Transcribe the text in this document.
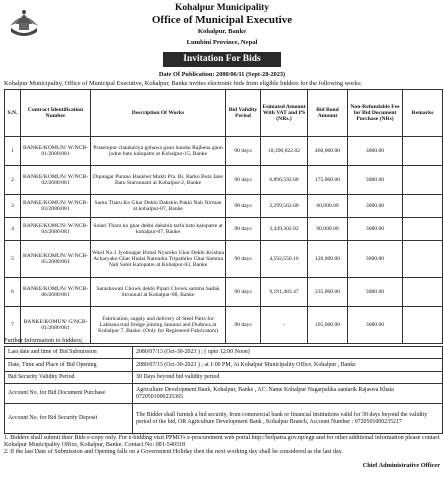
Kohalpur Municipality
Office of Municipal Executive
Kohalpur, Banke
Lumbini Province, Nepal
Invitation For Bids
Date Of Publication: 2080/06/11 (Sept-28-2023)
Kohalpur Municipality, Office of Municipal Executive, Kohalpur, Banke invites electronic bids from eligible bidders for the following works:
S.N.	Contract Identification Number	Description Of Works	Bid Validity Period	Esimated Amount With VAT and PS (NRs.)	Bid Bond Amount	Non-Refundable Fee for Bid Document Purchase (NRs)	Remarks
1	BANKE/KOMUN/ W/NCB-01/2080/081	Prasenipur chaukariya gohawa gaun hundai Rajhena gaun jodne bato kalopatre at Kohalpur-15, Banke	90 days	18,390,822.02	460,000.00	3000.00	
2	BANKE/KOMUN/ W/NCB-02/2080/081	Dipnagar Purano Bankhet Mukti Pra. Bi. Barko Buta Jane Bato Staronnatti at Kohalpur-2, Banke	90 days	6,896,592.68	175,000.00	3000.00	
3	BANKE/KOMUN/ W/NCB-03/2080/081	Samu Tharu Ko Ghar Dekhi Dakshin Pakki Nali Nirman at kohalpur-07, Banke	90 days	2,299,562.68	60,000.00	3000.00	
4	BANKE/KOMUN/ W/NCB-04/2080/081	Solari Tharu ko ghar dekhi dakshin tarfa bato kalopatre at kohalpur-07, Banke	90 days	3,449,302.82	90,000.00	3000.00	
5	BANKE/KOMUN/ W/NCB-05/2080/081	Ward No.3 Jyotinagar Bimal Nyureko Ghar Dekhi Krishna Acharyako Ghar Hudai Narendra Tripathiko Ghar Samma Nali Sahit Kalopatre at Kohalpur-03, Banke	90 days	4,592,550.16	120,000.00	3000.00	
6	BANKE/KOMUN/ W/NCB-06/2080/081	Sarashawati Chowk dekhi Pipari Chowk samma Sadak Stronnati at Kohalpur-08, Banke	90 days	9,191,483.47	235,000.00	3000.00	
7	BANKE/KOMUN/ G/NCB-01/2080/081	Fabrication, supply and delivery of Steel Parts for Lakhana trail bridge joining Januuni and Duduwa at Kohalpur 7, Banke. (Only for Registered Fabricators)	90 days	-	105,000.00	3000.00	
Further Information to bidders;
Last date and time of Bid Submission	2080/07/13 (Oct-30-2023 ) ; ( upto 12:00 Noon)
Date, Time and Place of Bid Opening	2080/07/13 (Oct-30-2023 ) ; at 1:00 PM, At Kohalpur Municipality Office, Kohalpur , Banke
Bid Security Validity Period	30 Days beyond bid validity period
Account No. for Bid Document Purchase	Agriculture Development Bank, Kohalpur, Banke , AC. Name Kohalpur Nagarpalika aantarik Rajaswa Khata 0720501000235365
Account No. for Bid Security Deposit	The Bidder shall furnish a bid security, from commercial bank or financial institutions valid for 30 days beyond the validity period of the bid, OR Agriculture Development Bank , Kohalpur Branch, Account Number : 0720501000235217

1. Bidders shall submit their Bids e-copy only. For e-bidding visit PPMO's e-procurement web portal http://bolpatra.gov.np/egp and for other additional information please contact Kohalpur Municipality Office, Kohalpur, Banke. Contact No: 081-540318

2. If the last Date of Submission and Opening falls on a Government Holiday then the next working day shall be considered as the last day.

Chief Administrative Officer
